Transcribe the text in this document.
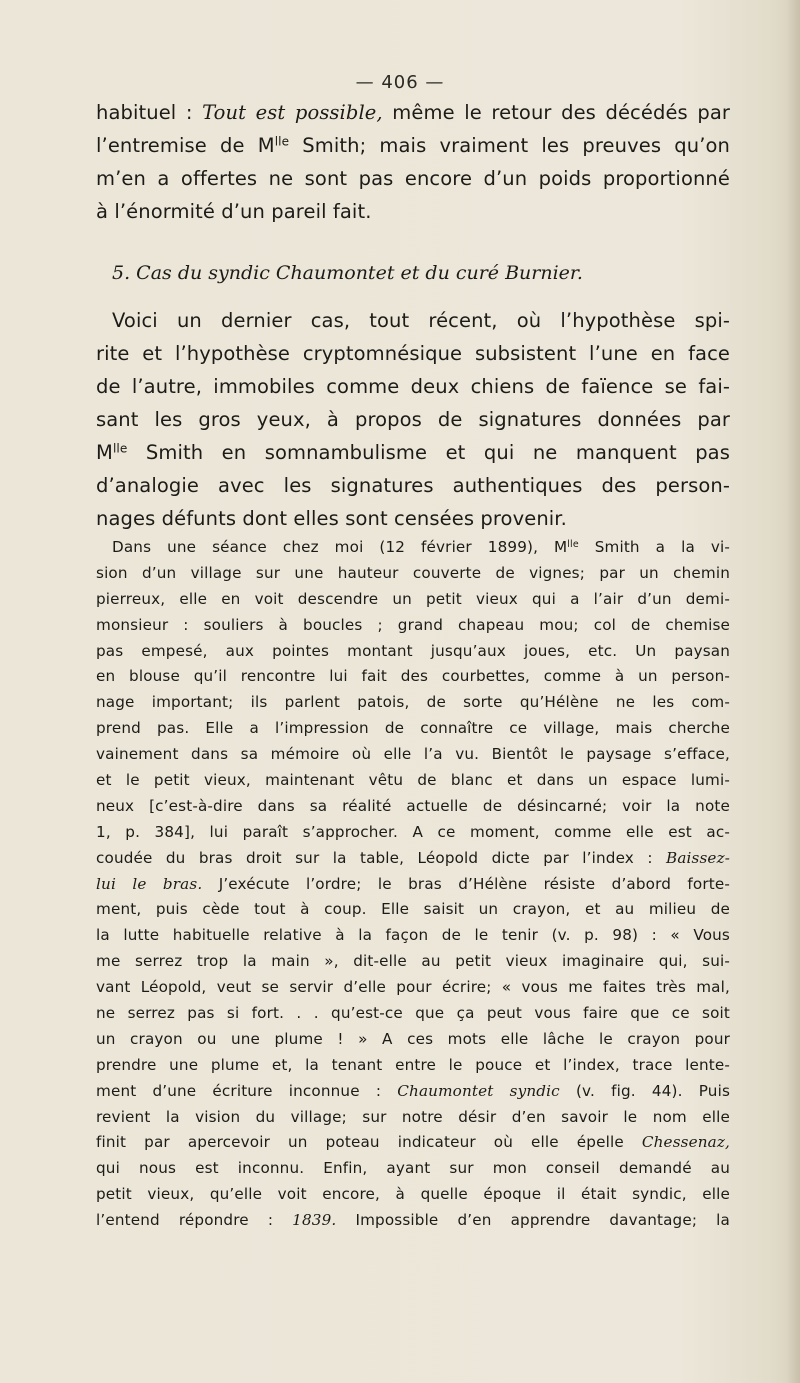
— 406 —
habituel : Tout est possible, même le retour des décédés par
l’entremise de $M^{lle}$ Smith; mais vraiment les preuves qu’on
m’en a offertes ne sont pas encore d’un poids proportionné
à l’énormité d’un pareil fait.
5. Cas du syndic Chaumontet et du curé Burnier.
Voici un dernier cas, tout récent, où l’hypothèse spi-
rite et l’hypothèse cryptomnésique subsistent l’une en face
de l’autre, immobiles comme deux chiens de faïence se fai-
sant les gros yeux, à propos de signatures données par
$M^{lle}$ Smith en somnambulisme et qui ne manquent pas
d’analogie avec les signatures authentiques des person-
nages défunts dont elles sont censées provenir.
Dans une séance chez moi (12 février 1899), $M^{lle}$ Smith a la vi-
sion d’un village sur une hauteur couverte de vignes; par un chemin
pierreux, elle en voit descendre un petit vieux qui a l’air d’un demi-
monsieur : souliers à boucles ; grand chapeau mou; col de chemise
pas empesé, aux pointes montant jusqu’aux joues, etc. Un paysan
en blouse qu’il rencontre lui fait des courbettes, comme à un person-
nage important; ils parlent patois, de sorte qu’Hélène ne les com-
prend pas. Elle a l’impression de connaître ce village, mais cherche
vainement dans sa mémoire où elle l’a vu. Bientôt le paysage s’efface,
et le petit vieux, maintenant vêtu de blanc et dans un espace lumi-
neux [c’est-à-dire dans sa réalité actuelle de désincarné; voir la note
1, p. 384], lui paraît s’approcher. A ce moment, comme elle est ac-
coudée du bras droit sur la table, Léopold dicte par l’index : Baissez-
lui le bras. J’exécute l’ordre; le bras d’Hélène résiste d’abord forte-
ment, puis cède tout à coup. Elle saisit un crayon, et au milieu de
la lutte habituelle relative à la façon de le tenir (v. p. 98) : « Vous
me serrez trop la main », dit-elle au petit vieux imaginaire qui, sui-
vant Léopold, veut se servir d’elle pour écrire; « vous me faites très mal,
ne serrez pas si fort. . . qu’est-ce que ça peut vous faire que ce soit
un crayon ou une plume ! » A ces mots elle lâche le crayon pour
prendre une plume et, la tenant entre le pouce et l’index, trace lente-
ment d’une écriture inconnue : Chaumontet syndic (v. fig. 44). Puis
revient la vision du village; sur notre désir d’en savoir le nom elle
finit par apercevoir un poteau indicateur où elle épelle Chessenaz,
qui nous est inconnu. Enfin, ayant sur mon conseil demandé au
petit vieux, qu’elle voit encore, à quelle époque il était syndic, elle
l’entend répondre : 1839. Impossible d’en apprendre davantage; la
